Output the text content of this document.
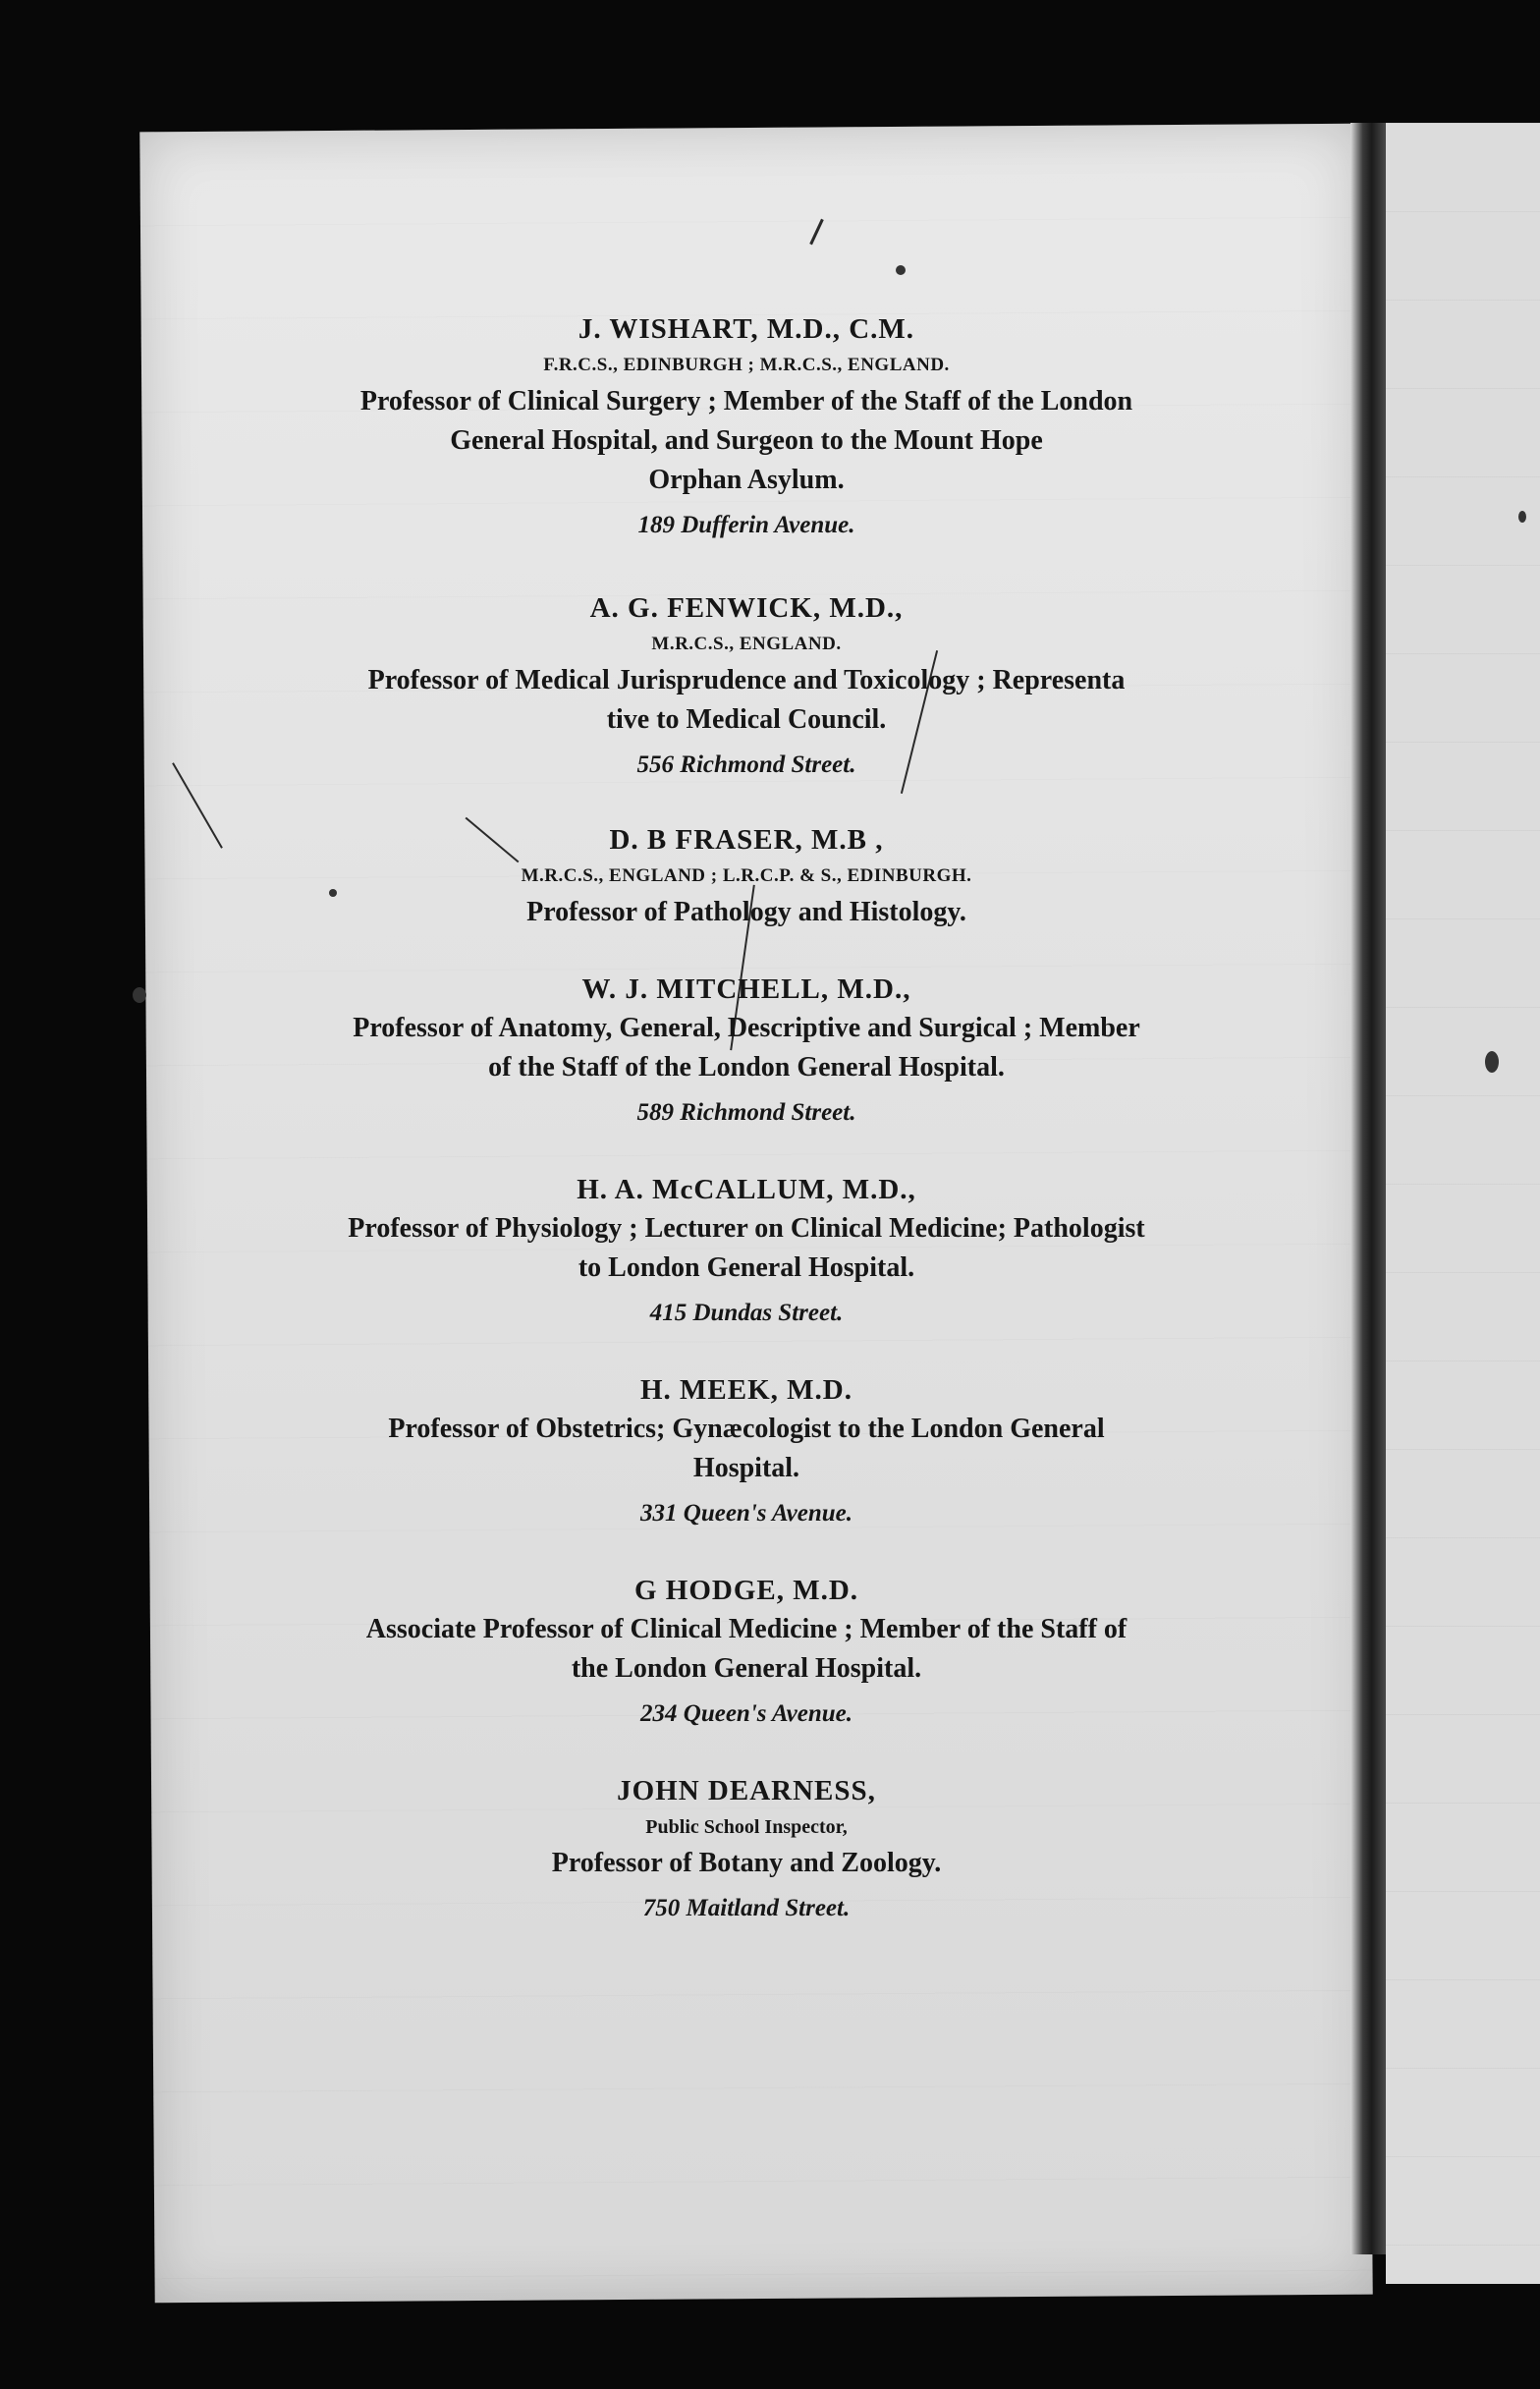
J. WISHART, M.D., C.M.

F.R.C.S., EDINBURGH ; M.R.C.S., ENGLAND.

Professor of Clinical Surgery ; Member of the Staff of the London

General Hospital, and Surgeon to the Mount Hope

Orphan Asylum.

189 Dufferin Avenue.

A. G. FENWICK, M.D.,

M.R.C.S., ENGLAND.

Professor of Medical Jurisprudence and Toxicology ; Representa

tive to Medical Council.

556 Richmond Street.

D. B FRASER, M.B ,

M.R.C.S., ENGLAND ; L.R.C.P. & S., EDINBURGH.

Professor of Pathology and Histology.

W. J. MITCHELL, M.D.,

Professor of Anatomy, General, Descriptive and Surgical ; Member

of the Staff of the London General Hospital.

589 Richmond Street.

H. A. McCALLUM, M.D.,

Professor of Physiology ; Lecturer on Clinical Medicine; Pathologist

to London General Hospital.

415 Dundas Street.

H. MEEK, M.D.

Professor of Obstetrics; Gynæcologist to the London General

Hospital.

331 Queen's Avenue.

G HODGE, M.D.

Associate Professor of Clinical Medicine ; Member of the Staff of

the London General Hospital.

234 Queen's Avenue.

JOHN DEARNESS,

Public School Inspector,

Professor of Botany and Zoology.

750 Maitland Street.
